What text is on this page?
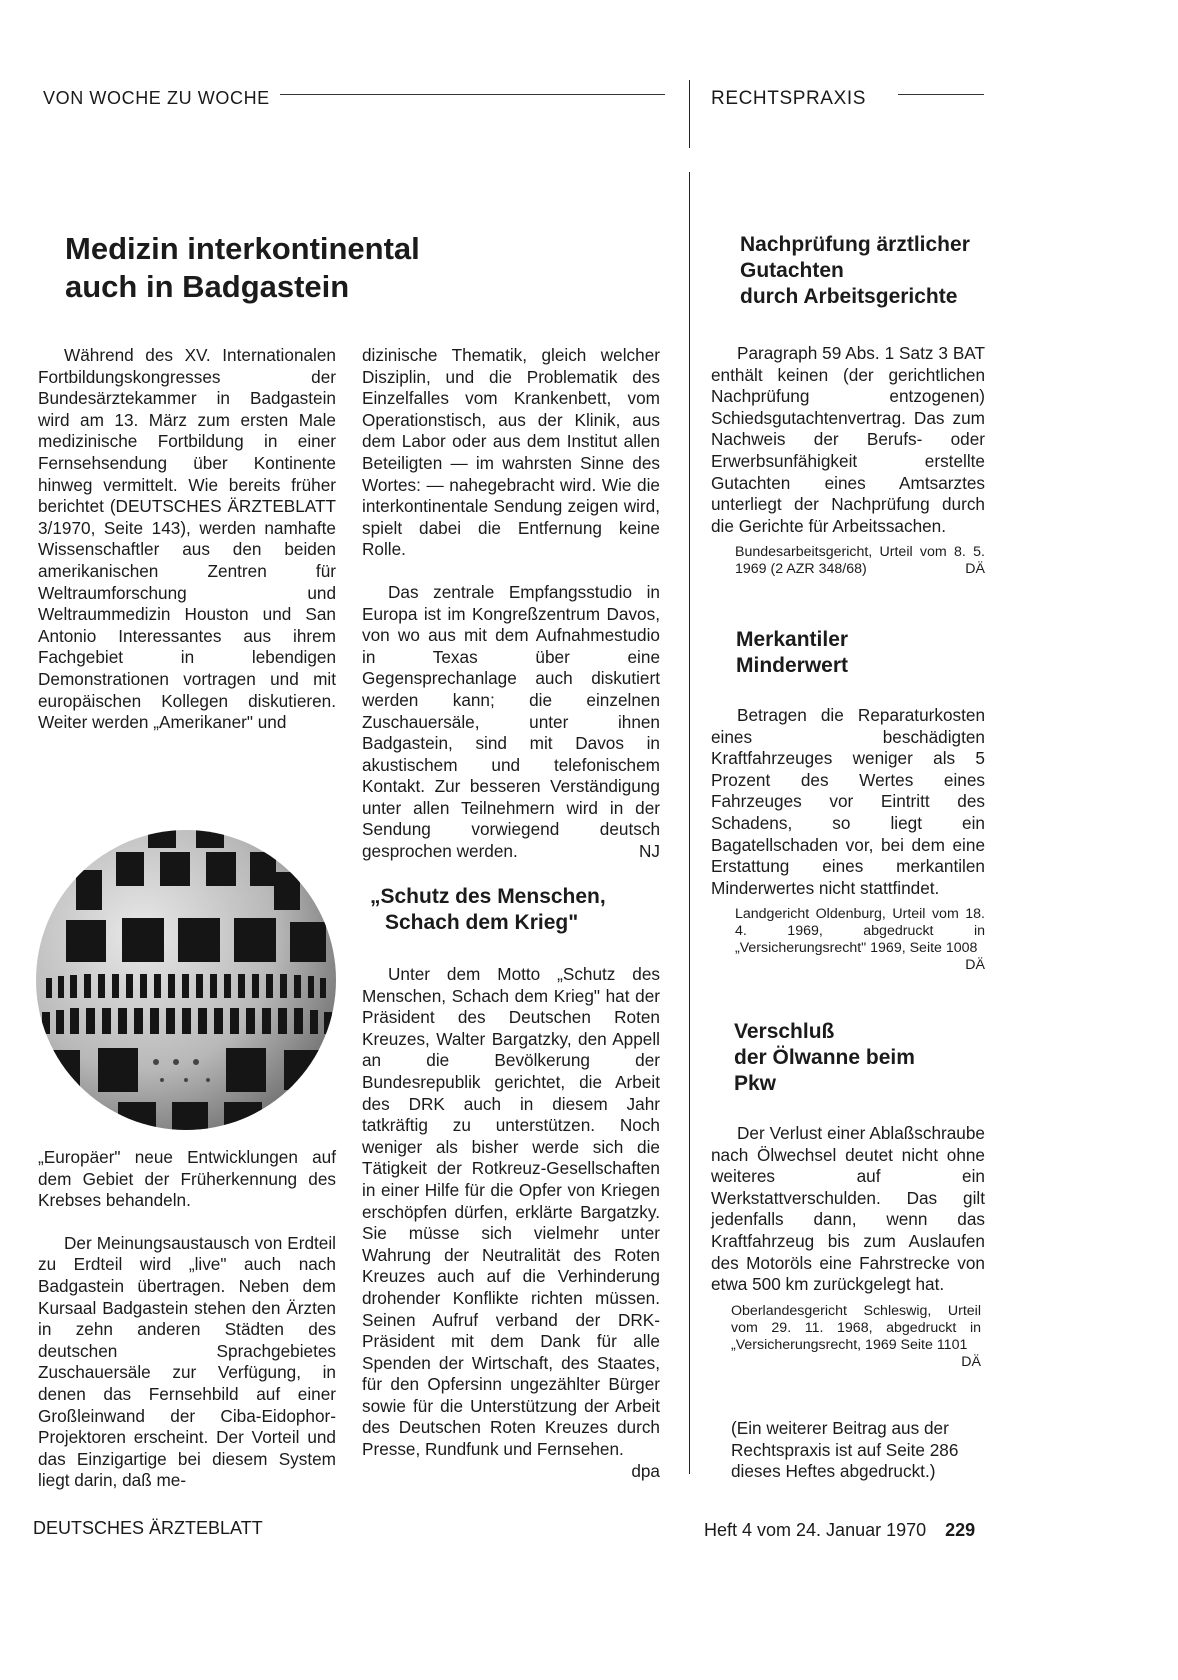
VON WOCHE ZU WOCHE	RECHTSPRAXIS
Medizin interkontinental
auch in Badgastein

Während des XV. Internationalen Fortbildungskongresses der Bundesärztekammer in Badgastein wird am 13. März zum ersten Male medizinische Fortbildung in einer Fernsehsendung über Kontinente hinweg vermittelt. Wie bereits früher berichtet (DEUTSCHES ÄRZTEBLATT 3/1970, Seite 143), werden namhafte Wissenschaftler aus den beiden amerikanischen Zentren für Weltraumforschung und Weltraummedizin Houston und San Antonio Interessantes aus ihrem Fachgebiet in lebendigen Demonstrationen vortragen und mit europäischen Kollegen diskutieren. Weiter werden „Amerikaner" und

„Europäer" neue Entwicklungen auf dem Gebiet der Früherkennung des Krebses behandeln.

Der Meinungsaustausch von Erdteil zu Erdteil wird „live" auch nach Badgastein übertragen. Neben dem Kursaal Badgastein stehen den Ärzten in zehn anderen Städten des deutschen Sprachgebietes Zuschauersäle zur Verfügung, in denen das Fernsehbild auf einer Großleinwand der Ciba-Eidophor-Projektoren erscheint. Der Vorteil und das Einzigartige bei diesem System liegt darin, daß me-

dizinische Thematik, gleich welcher Disziplin, und die Problematik des Einzelfalles vom Krankenbett, vom Operationstisch, aus der Klinik, aus dem Labor oder aus dem Institut allen Beteiligten — im wahrsten Sinne des Wortes: — nahegebracht wird. Wie die interkontinentale Sendung zeigen wird, spielt dabei die Entfernung keine Rolle.

Das zentrale Empfangsstudio in Europa ist im Kongreßzentrum Davos, von wo aus mit dem Aufnahmestudio in Texas über eine Gegensprechanlage auch diskutiert werden kann; die einzelnen Zuschauersäle, unter ihnen Badgastein, sind mit Davos in akustischem und telefonischem Kontakt. Zur besseren Verständigung unter allen Teilnehmern wird in der Sendung vorwiegend deutsch gesprochen werden.	NJ

„Schutz des Menschen,
Schach dem Krieg"

Unter dem Motto „Schutz des Menschen, Schach dem Krieg" hat der Präsident des Deutschen Roten Kreuzes, Walter Bargatzky, den Appell an die Bevölkerung der Bundesrepublik gerichtet, die Arbeit des DRK auch in diesem Jahr tatkräftig zu unterstützen. Noch weniger als bisher werde sich die Tätigkeit der Rotkreuz-Gesellschaften in einer Hilfe für die Opfer von Kriegen erschöpfen dürfen, erklärte Bargatzky. Sie müsse sich vielmehr unter Wahrung der Neutralität des Roten Kreuzes auch auf die Verhinderung drohender Konflikte richten müssen. Seinen Aufruf verband der DRK-Präsident mit dem Dank für alle Spenden der Wirtschaft, des Staates, für den Opfersinn ungezählter Bürger sowie für die Unterstützung der Arbeit des Deutschen Roten Kreuzes durch Presse, Rundfunk und Fernsehen.
dpa

Nachprüfung ärztlicher
Gutachten
durch Arbeitsgerichte

Paragraph 59 Abs. 1 Satz 3 BAT enthält keinen (der gerichtlichen Nachprüfung entzogenen) Schiedsgutachtenvertrag. Das zum Nachweis der Berufs- oder Erwerbsunfähigkeit erstellte Gutachten eines Amtsarztes unterliegt der Nachprüfung durch die Gerichte für Arbeitssachen.

Bundesarbeitsgericht, Urteil vom 8. 5. 1969 (2 AZR 348/68)	DÄ
Merkantiler
Minderwert

Betragen die Reparaturkosten eines beschädigten Kraftfahrzeuges weniger als 5 Prozent des Wertes eines Fahrzeuges vor Eintritt des Schadens, so liegt ein Bagatellschaden vor, bei dem eine Erstattung eines merkantilen Minderwertes nicht stattfindet.

Landgericht Oldenburg, Urteil vom 18. 4. 1969, abgedruckt in „Versicherungsrecht" 1969, Seite 1008
DÄ
Verschluß
der Ölwanne beim
Pkw

Der Verlust einer Ablaßschraube nach Ölwechsel deutet nicht ohne weiteres auf ein Werkstattverschulden. Das gilt jedenfalls dann, wenn das Kraftfahrzeug bis zum Auslaufen des Motoröls eine Fahrstrecke von etwa 500 km zurückgelegt hat.

Oberlandesgericht Schleswig, Urteil vom 29. 11. 1968, abgedruckt in „Versicherungsrecht, 1969 Seite 1101
DÄ

(Ein weiterer Beitrag aus der Rechtspraxis ist auf Seite 286 dieses Heftes abgedruckt.)

DEUTSCHES ÄRZTEBLATT	Heft 4 vom 24. Januar 1970 229
